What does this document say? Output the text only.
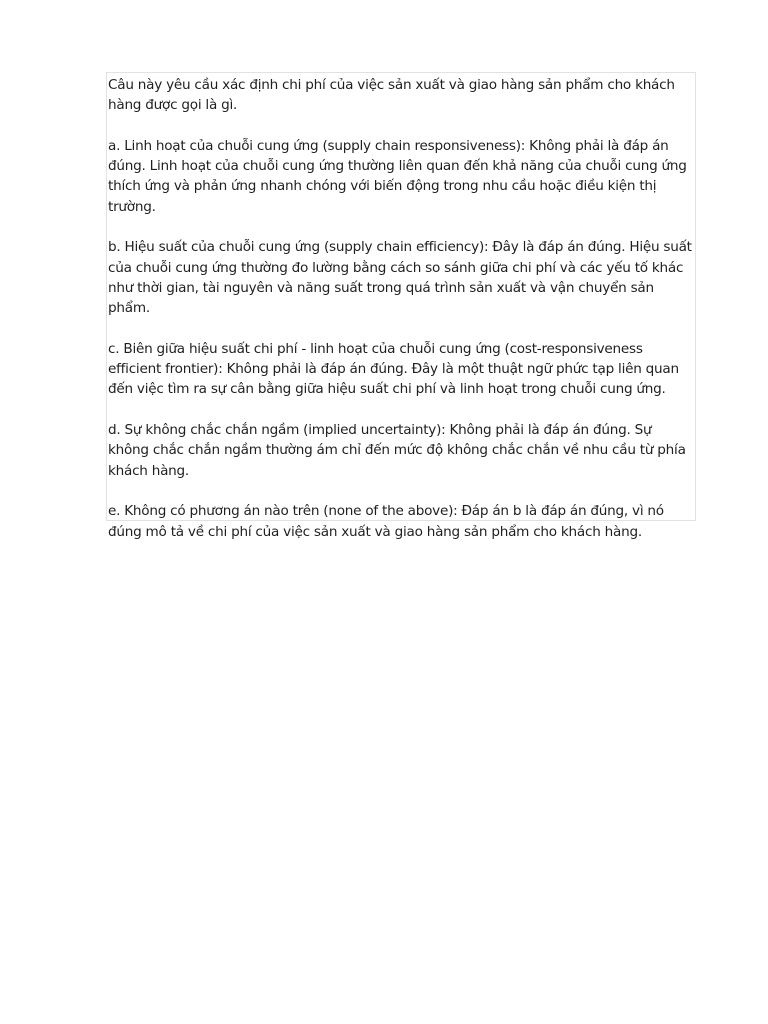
Câu này yêu cầu xác định chi phí của việc sản xuất và giao hàng sản phẩm cho khách hàng được gọi là gì.

a. Linh hoạt của chuỗi cung ứng (supply chain responsiveness): Không phải là đáp án đúng. Linh hoạt của chuỗi cung ứng thường liên quan đến khả năng của chuỗi cung ứng thích ứng và phản ứng nhanh chóng với biến động trong nhu cầu hoặc điều kiện thị trường.

b. Hiệu suất của chuỗi cung ứng (supply chain efficiency): Đây là đáp án đúng. Hiệu suất của chuỗi cung ứng thường đo lường bằng cách so sánh giữa chi phí và các yếu tố khác như thời gian, tài nguyên và năng suất trong quá trình sản xuất và vận chuyển sản phẩm.

c. Biên giữa hiệu suất chi phí - linh hoạt của chuỗi cung ứng (cost-responsiveness efficient frontier): Không phải là đáp án đúng. Đây là một thuật ngữ phức tạp liên quan đến việc tìm ra sự cân bằng giữa hiệu suất chi phí và linh hoạt trong chuỗi cung ứng.

d. Sự không chắc chắn ngầm (implied uncertainty): Không phải là đáp án đúng. Sự không chắc chắn ngầm thường ám chỉ đến mức độ không chắc chắn về nhu cầu từ phía khách hàng.

e. Không có phương án nào trên (none of the above): Đáp án b là đáp án đúng, vì nó đúng mô tả về chi phí của việc sản xuất và giao hàng sản phẩm cho khách hàng.
